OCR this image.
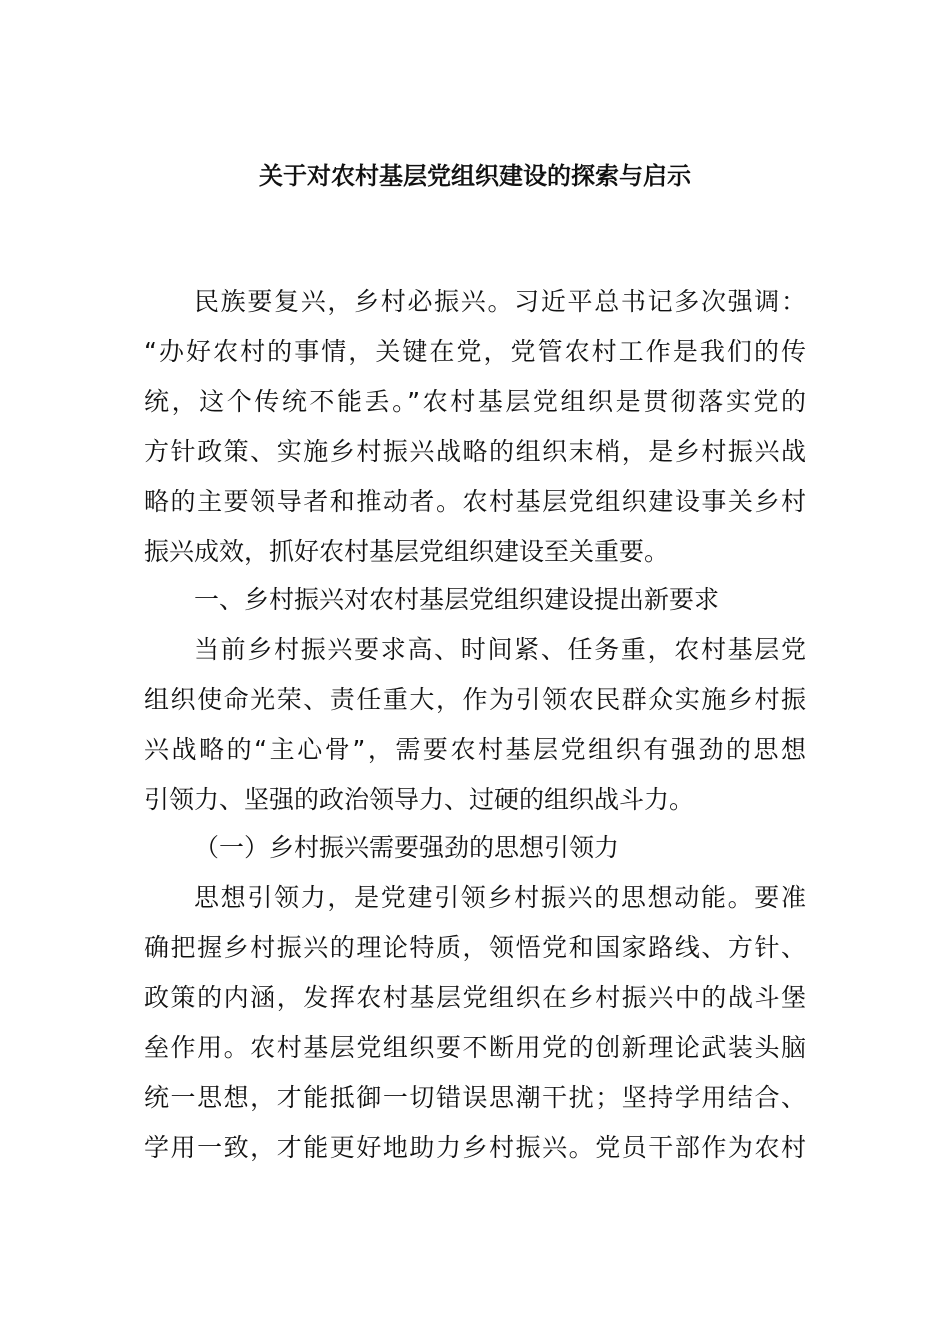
关于对农村基层党组织建设的探索与启示
民族要复兴，乡村必振兴。习近平总书记多次强调：
“办好农村的事情，关键在党，党管农村工作是我们的传
统，这个传统不能丢。”农村基层党组织是贯彻落实党的
方针政策、实施乡村振兴战略的组织末梢，是乡村振兴战
略的主要领导者和推动者。农村基层党组织建设事关乡村
振兴成效，抓好农村基层党组织建设至关重要。
一、乡村振兴对农村基层党组织建设提出新要求
当前乡村振兴要求高、时间紧、任务重，农村基层党
组织使命光荣、责任重大，作为引领农民群众实施乡村振
兴战略的“主心骨”，需要农村基层党组织有强劲的思想
引领力、坚强的政治领导力、过硬的组织战斗力。
（一）乡村振兴需要强劲的思想引领力
思想引领力，是党建引领乡村振兴的思想动能。要准
确把握乡村振兴的理论特质，领悟党和国家路线、方针、
政策的内涵，发挥农村基层党组织在乡村振兴中的战斗堡
垒作用。农村基层党组织要不断用党的创新理论武装头脑
统一思想，才能抵御一切错误思潮干扰；坚持学用结合、
学用一致，才能更好地助力乡村振兴。党员干部作为农村
